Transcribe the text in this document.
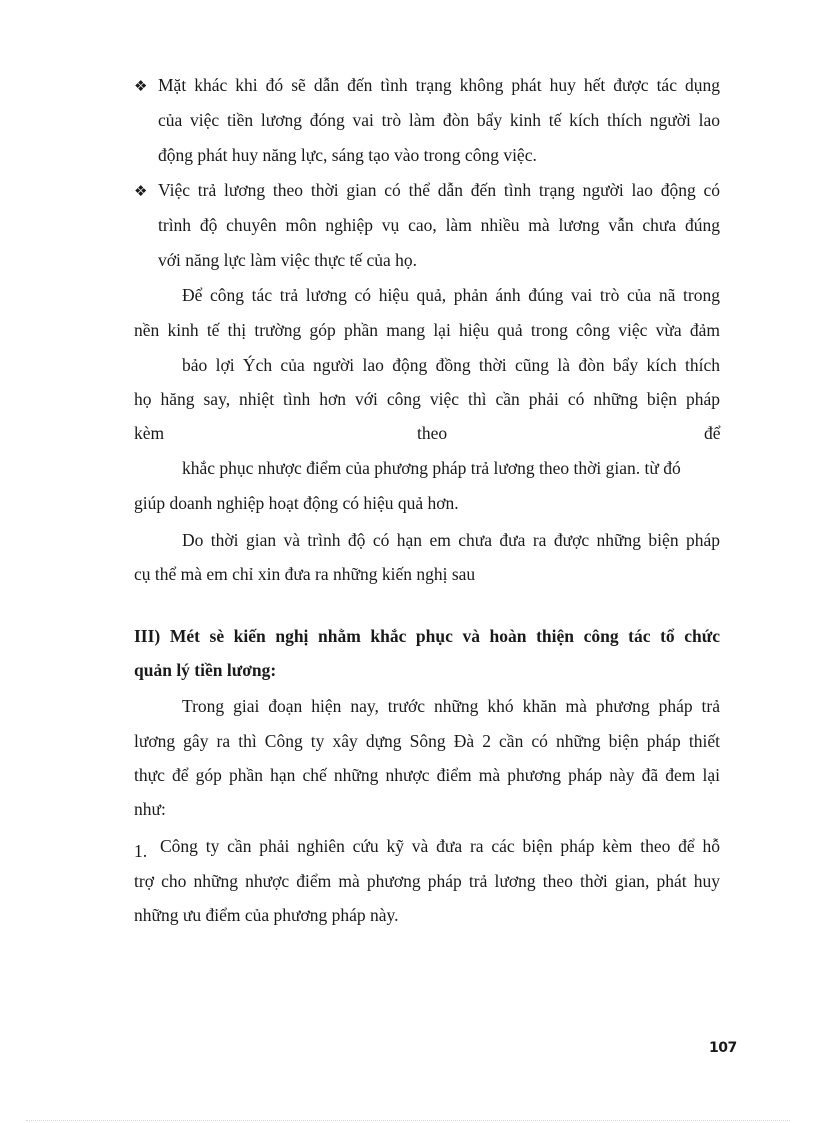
❖ Mặt khác khi đó sẽ dẫn đến tình trạng không phát huy hết được tác dụng
của việc tiền lương đóng vai trò làm đòn bẩy kinh tế kích thích người lao
động phát huy năng lực, sáng tạo vào trong công việc.
❖ Việc trả lương theo thời gian có thể dẫn đến tình trạng người lao động có
trình độ chuyên môn nghiệp vụ cao, làm nhiều mà lương vẫn chưa đúng
với năng lực làm việc thực tế của họ.
Để công tác trả lương có hiệu quả, phản ánh đúng vai trò của nã trong
nền kinh tế thị trường góp phần mang lại hiệu quả trong công việc vừa đảm
bảo lợi Ých của người lao động đồng thời cũng là đòn bẩy kích thích
họ hăng say, nhiệt tình hơn với công việc thì cần phải có những biện pháp
kèm	theo	để
khắc phục nhược điểm của phương pháp trả lương theo thời gian. từ đó
giúp doanh nghiệp hoạt động có hiệu quả hơn.
Do thời gian và trình độ có hạn em chưa đưa ra được những biện pháp
cụ thể mà em chỉ xin đưa ra những kiến nghị sau
III) Mét sè kiến nghị nhằm khắc phục và hoàn thiện công tác tổ chức
quản lý tiền lương:
Trong giai đoạn hiện nay, trước những khó khăn mà phương pháp trả
lương gây ra thì Công ty xây dựng Sông Đà 2 cần có những biện pháp thiết
thực để góp phần hạn chế những nhược điểm mà phương pháp này đã đem lại
như:
1. Công ty cần phải nghiên cứu kỹ và đưa ra các biện pháp kèm theo để hỗ
trợ cho những nhược điểm mà phương pháp trả lương theo thời gian, phát huy
những ưu điểm của phương pháp này.
107
